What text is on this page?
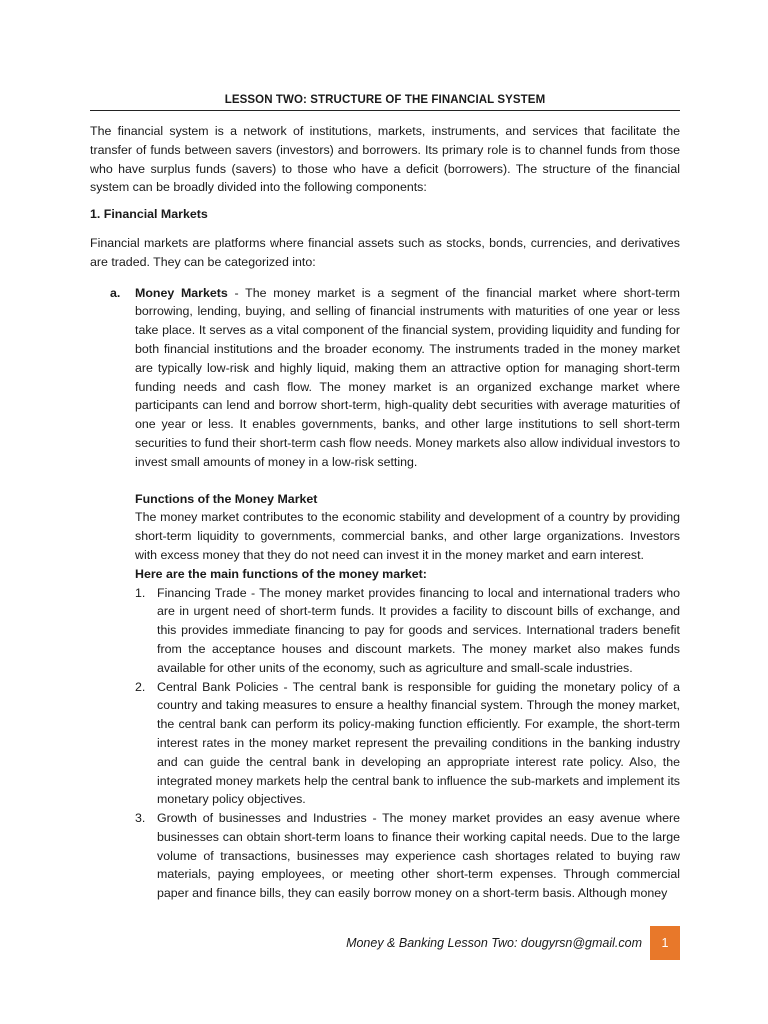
LESSON TWO: STRUCTURE OF THE FINANCIAL SYSTEM

The financial system is a network of institutions, markets, instruments, and services that facilitate the transfer of funds between savers (investors) and borrowers. Its primary role is to channel funds from those who have surplus funds (savers) to those who have a deficit (borrowers). The structure of the financial system can be broadly divided into the following components:

1. Financial Markets

Financial markets are platforms where financial assets such as stocks, bonds, currencies, and derivatives are traded. They can be categorized into:

a. Money Markets - The money market is a segment of the financial market where short-term borrowing, lending, buying, and selling of financial instruments with maturities of one year or less take place. It serves as a vital component of the financial system, providing liquidity and funding for both financial institutions and the broader economy. The instruments traded in the money market are typically low-risk and highly liquid, making them an attractive option for managing short-term funding needs and cash flow. The money market is an organized exchange market where participants can lend and borrow short-term, high-quality debt securities with average maturities of one year or less. It enables governments, banks, and other large institutions to sell short-term securities to fund their short-term cash flow needs. Money markets also allow individual investors to invest small amounts of money in a low-risk setting.

Functions of the Money Market

The money market contributes to the economic stability and development of a country by providing short-term liquidity to governments, commercial banks, and other large organizations. Investors with excess money that they do not need can invest it in the money market and earn interest.

Here are the main functions of the money market:

1. Financing Trade - The money market provides financing to local and international traders who are in urgent need of short-term funds. It provides a facility to discount bills of exchange, and this provides immediate financing to pay for goods and services. International traders benefit from the acceptance houses and discount markets. The money market also makes funds available for other units of the economy, such as agriculture and small-scale industries.
2. Central Bank Policies - The central bank is responsible for guiding the monetary policy of a country and taking measures to ensure a healthy financial system. Through the money market, the central bank can perform its policy-making function efficiently. For example, the short-term interest rates in the money market represent the prevailing conditions in the banking industry and can guide the central bank in developing an appropriate interest rate policy. Also, the integrated money markets help the central bank to influence the sub-markets and implement its monetary policy objectives.
3. Growth of businesses and Industries - The money market provides an easy avenue where businesses can obtain short-term loans to finance their working capital needs. Due to the large volume of transactions, businesses may experience cash shortages related to buying raw materials, paying employees, or meeting other short-term expenses. Through commercial paper and finance bills, they can easily borrow money on a short-term basis. Although money
Money & Banking Lesson Two: dougyrsn@gmail.com	1
